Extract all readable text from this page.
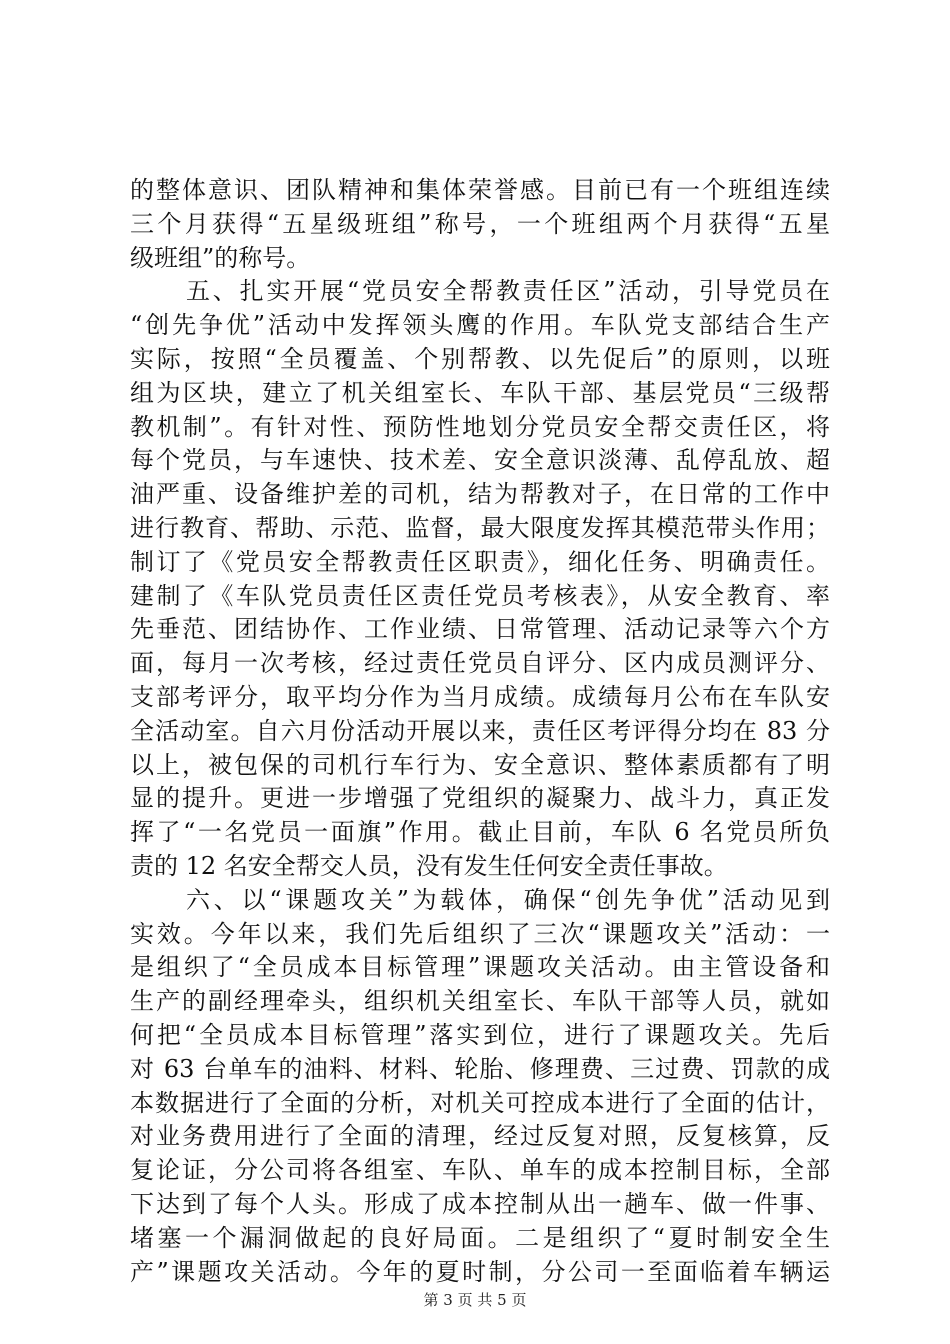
的整体意识、团队精神和集体荣誉感。目前已有一个班组连续
三个月获得“五星级班组”称号，一个班组两个月获得“五星
级班组”的称号。
五、扎实开展“党员安全帮教责任区”活动，引导党员在
“创先争优”活动中发挥领头鹰的作用。车队党支部结合生产
实际，按照“全员覆盖、个别帮教、以先促后”的原则，以班
组为区块，建立了机关组室长、车队干部、基层党员“三级帮
教机制”。有针对性、预防性地划分党员安全帮交责任区，将
每个党员，与车速快、技术差、安全意识淡薄、乱停乱放、超
油严重、设备维护差的司机，结为帮教对子，在日常的工作中
进行教育、帮助、示范、监督，最大限度发挥其模范带头作用；
制订了《党员安全帮教责任区职责》，细化任务、明确责任。
建制了《车队党员责任区责任党员考核表》，从安全教育、率
先垂范、团结协作、工作业绩、日常管理、活动记录等六个方
面，每月一次考核，经过责任党员自评分、区内成员测评分、
支部考评分，取平均分作为当月成绩。成绩每月公布在车队安
全活动室。自六月份活动开展以来，责任区考评得分均在 83 分
以上，被包保的司机行车行为、安全意识、整体素质都有了明
显的提升。更进一步增强了党组织的凝聚力、战斗力，真正发
挥了“一名党员一面旗”作用。截止目前，车队 6 名党员所负
责的 12 名安全帮交人员，没有发生任何安全责任事故。
六、以“课题攻关”为载体，确保“创先争优”活动见到
实效。今年以来，我们先后组织了三次“课题攻关”活动：一
是组织了“全员成本目标管理”课题攻关活动。由主管设备和
生产的副经理牵头，组织机关组室长、车队干部等人员，就如
何把“全员成本目标管理”落实到位，进行了课题攻关。先后
对 63 台单车的油料、材料、轮胎、修理费、三过费、罚款的成
本数据进行了全面的分析，对机关可控成本进行了全面的估计，
对业务费用进行了全面的清理，经过反复对照，反复核算，反
复论证，分公司将各组室、车队、单车的成本控制目标，全部
下达到了每个人头。形成了成本控制从出一趟车、做一件事、
堵塞一个漏洞做起的良好局面。二是组织了“夏时制安全生
产”课题攻关活动。今年的夏时制，分公司一至面临着车辆运
第 3 页 共 5 页
